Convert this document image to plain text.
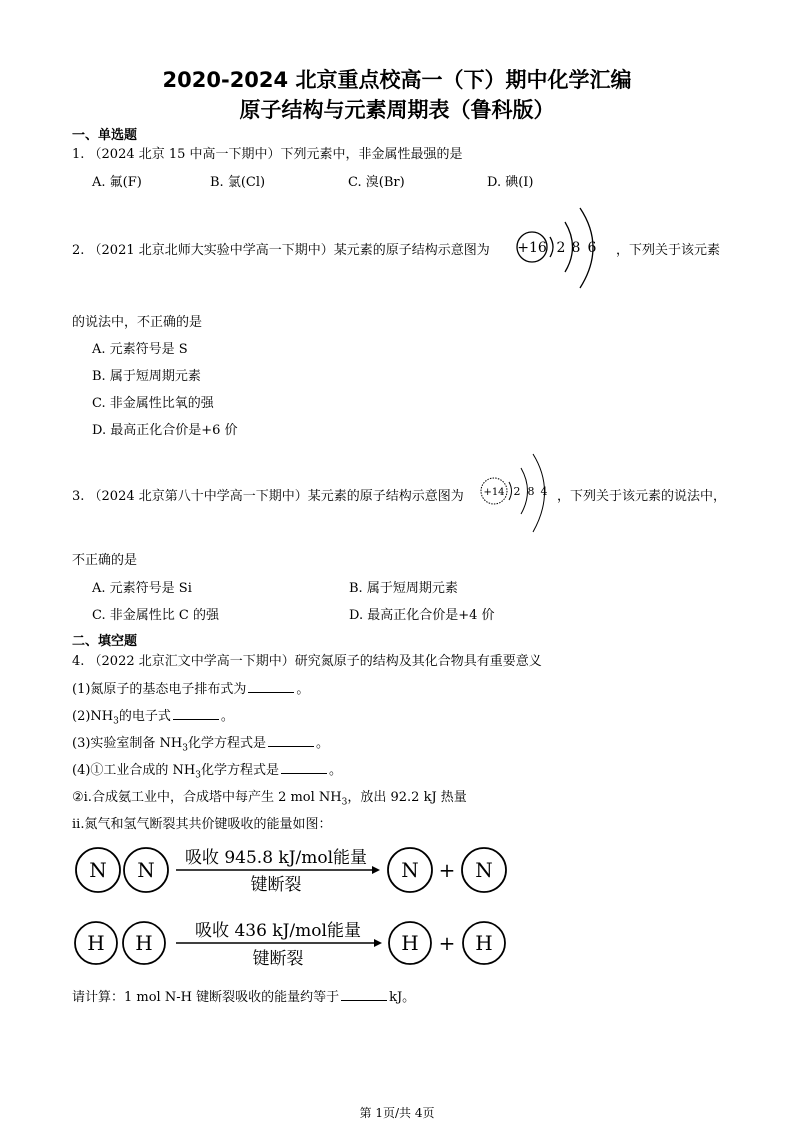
2020-2024 北京重点校高一（下）期中化学汇编
原子结构与元素周期表（鲁科版）
一、单选题
1. （2024 北京 15 中高一下期中）下列元素中，非金属性最强的是
A. 氟(F)	B. 氯(Cl)	C. 溴(Br)	D. 碘(I)
2. （2021 北京北师大实验中学高一下期中）某元素的原子结构示意图为 +16 2 8 6 ，下列关于该元素
的说法中，不正确的是
A. 元素符号是 S
B. 属于短周期元素
C. 非金属性比氧的强
D. 最高正化合价是+6 价
3. （2024 北京第八十中学高一下期中）某元素的原子结构示意图为 +14 2 8 4 ，下列关于该元素的说法中，
不正确的是
A. 元素符号是 Si	B. 属于短周期元素
C. 非金属性比 C 的强	D. 最高正化合价是+4 价
二、填空题
4. （2022 北京汇文中学高一下期中）研究氮原子的结构及其化合物具有重要意义
(1)氮原子的基态电子排布式为	。
$(2)NH_3$的电子式	。
(3)实验室制备 $NH_3$化学方程式是	。
(4)①工业合成的 $NH_3$化学方程式是	。
②i.合成氨工业中，合成塔中每产生 2 mol $NH_3$，放出 92.2 kJ 热量
ii.氮气和氢气断裂其共价键吸收的能量如图：
N N 吸收 945.8 kJ/mol能量
键断裂
N + N
H H 吸收 436 kJ/mol能量
键断裂
H + H
请计算：1 mol N-H 键断裂吸收的能量约等于	kJ。
第 1页/共 4页
